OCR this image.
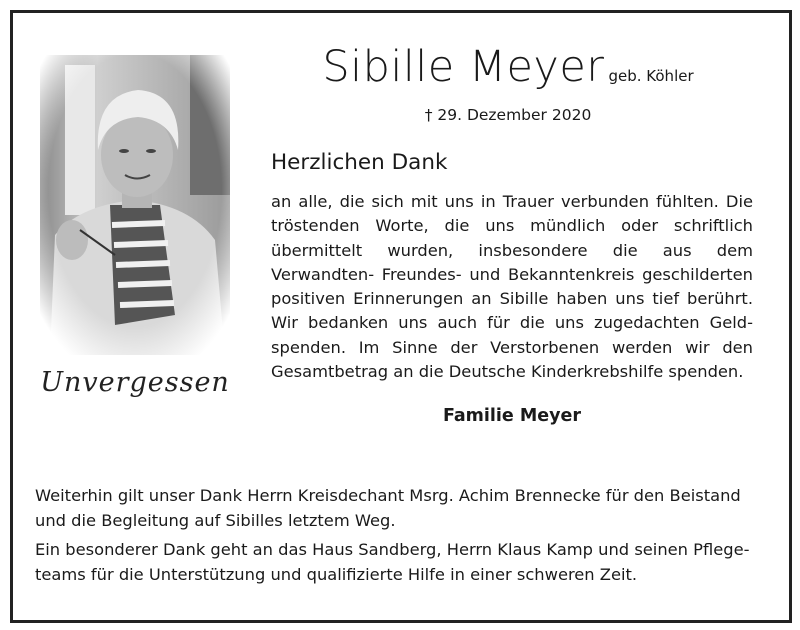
Unvergessen
Sibille Meyer geb. Köhler
† 29. Dezember 2020
Herzlichen Dank
an alle, die sich mit uns in Trauer verbunden fühlten. Die tröstenden Worte, die uns mündlich oder schriftlich übermittelt wurden, insbesondere die aus dem Verwandten- Freundes- und Bekanntenkreis geschilderten positiven Erinnerungen an Sibille haben uns tief berührt. Wir bedanken uns auch für die uns zugedachten Geldspenden. Im Sinne der Verstorbenen werden wir den Gesamtbetrag an die Deutsche Kinderkrebshilfe spenden.
Familie Meyer
Weiterhin gilt unser Dank Herrn Kreisdechant Msrg. Achim Brennecke für den Beistand und die Begleitung auf Sibilles letztem Weg.
Ein besonderer Dank geht an das Haus Sandberg, Herrn Klaus Kamp und seinen Pflegeteams für die Unterstützung und qualifizierte Hilfe in einer schweren Zeit.
